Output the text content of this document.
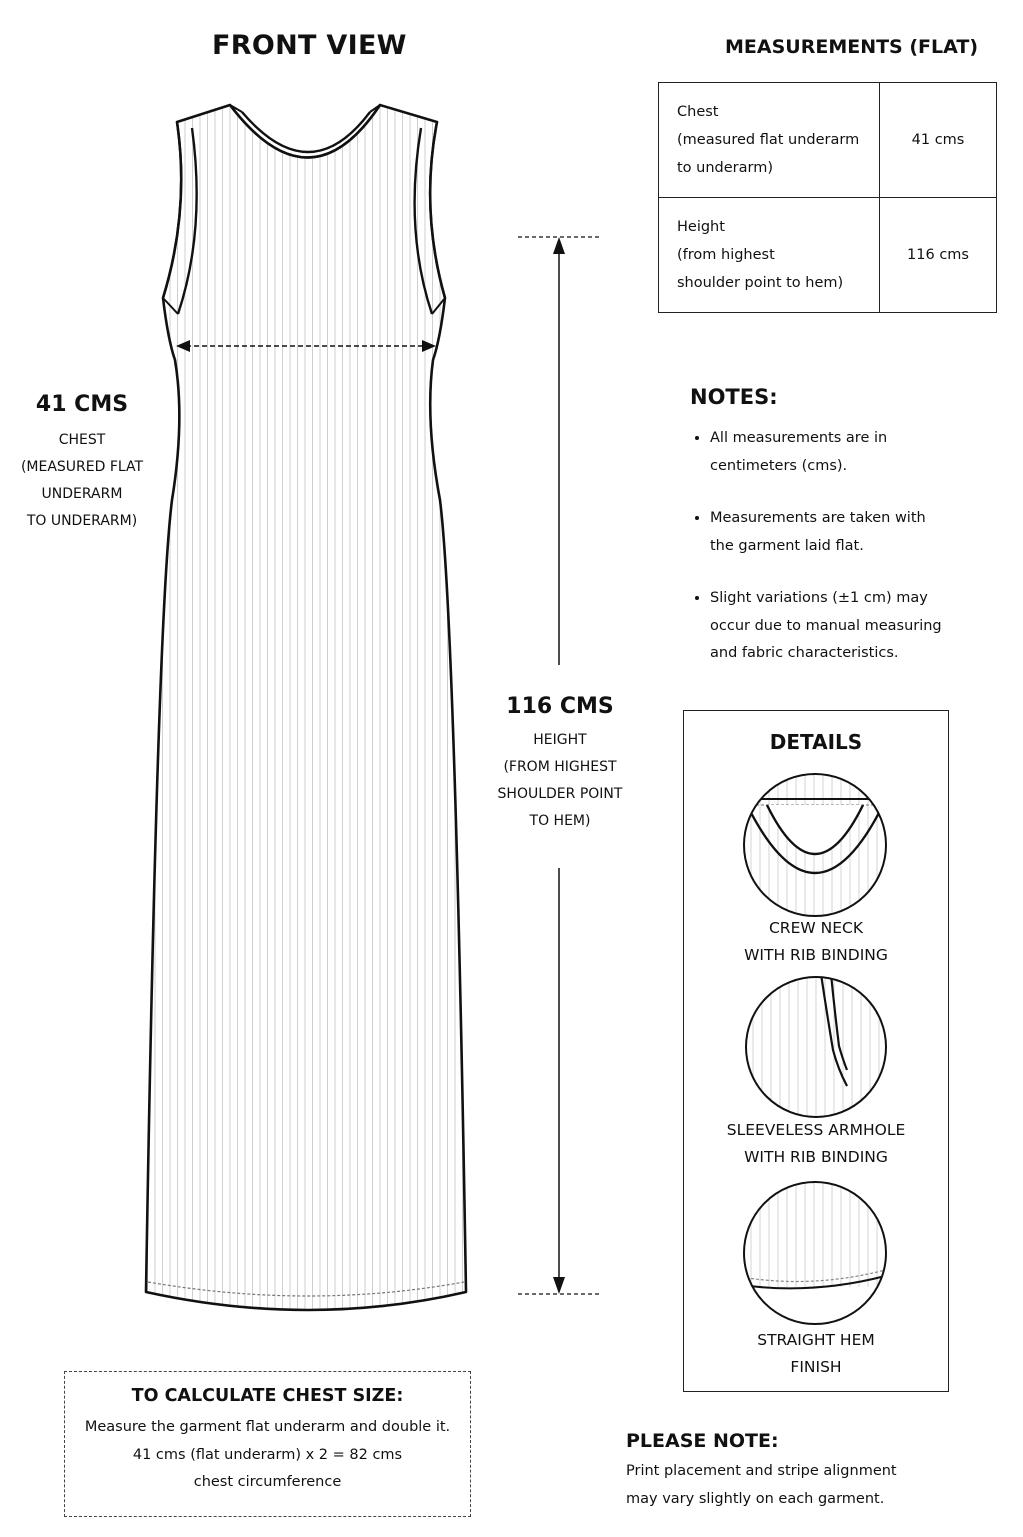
FRONT VIEW	MEASUREMENTS (FLAT)
41 CMS
CHEST
(MEASURED FLAT
UNDERARM
TO UNDERARM)
116 CMS
HEIGHT
(FROM HIGHEST
SHOULDER POINT
TO HEM)
Chest
(measured flat underarm
to underarm)	41 cms

Height
(from highest
shoulder point to hem)	116 cms
NOTES:
• All measurements are in centimeters (cms).
• Measurements are taken with the garment laid flat.
• Slight variations (±1 cm) may occur due to manual measuring and fabric characteristics.
DETAILS
CREW NECK
WITH RIB BINDING
SLEEVELESS ARMHOLE
WITH RIB BINDING
STRAIGHT HEM
FINISH
TO CALCULATE CHEST SIZE:
Measure the garment flat underarm and double it.
41 cms (flat underarm) x 2 = 82 cms
chest circumference
PLEASE NOTE:
Print placement and stripe alignment
may vary slightly on each garment.
